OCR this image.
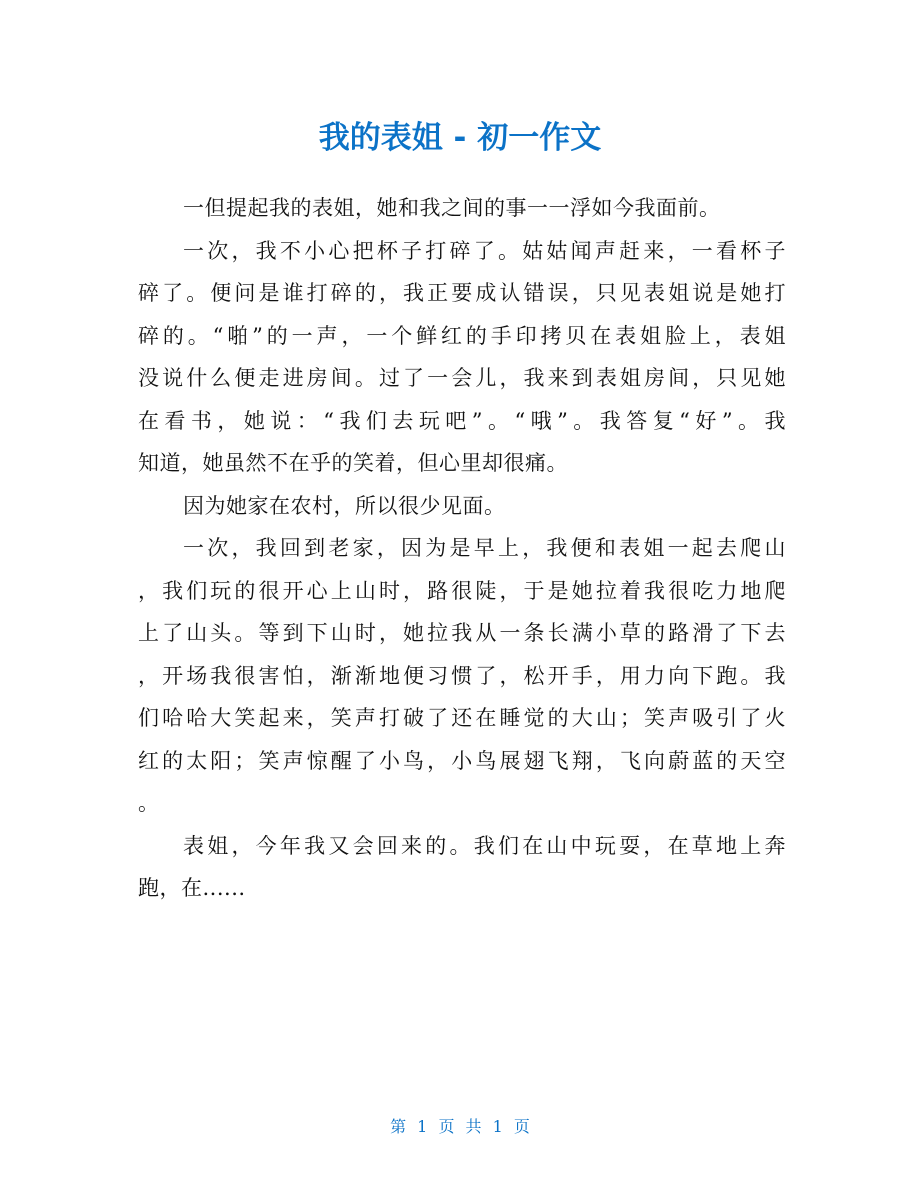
我的表姐 - 初一作文
一但提起我的表姐，她和我之间的事一一浮如今我面前。
一次，我不小心把杯子打碎了。姑姑闻声赶来，一看杯子
碎了。便问是谁打碎的，我正要成认错误，只见表姐说是她打
碎的。“啪”的一声，一个鲜红的手印拷贝在表姐脸上，表姐
没说什么便走进房间。过了一会儿，我来到表姐房间，只见她
在看书，她说：“我们去玩吧”。“哦”。我答复“好”。我
知道，她虽然不在乎的笑着，但心里却很痛。
因为她家在农村，所以很少见面。
一次，我回到老家，因为是早上，我便和表姐一起去爬山
，我们玩的很开心上山时，路很陡，于是她拉着我很吃力地爬
上了山头。等到下山时，她拉我从一条长满小草的路滑了下去
，开场我很害怕，渐渐地便习惯了，松开手，用力向下跑。我
们哈哈大笑起来，笑声打破了还在睡觉的大山；笑声吸引了火
红的太阳；笑声惊醒了小鸟，小鸟展翅飞翔，飞向蔚蓝的天空
。
表姐，今年我又会回来的。我们在山中玩耍，在草地上奔
跑，在......
第 1 页 共 1 页
